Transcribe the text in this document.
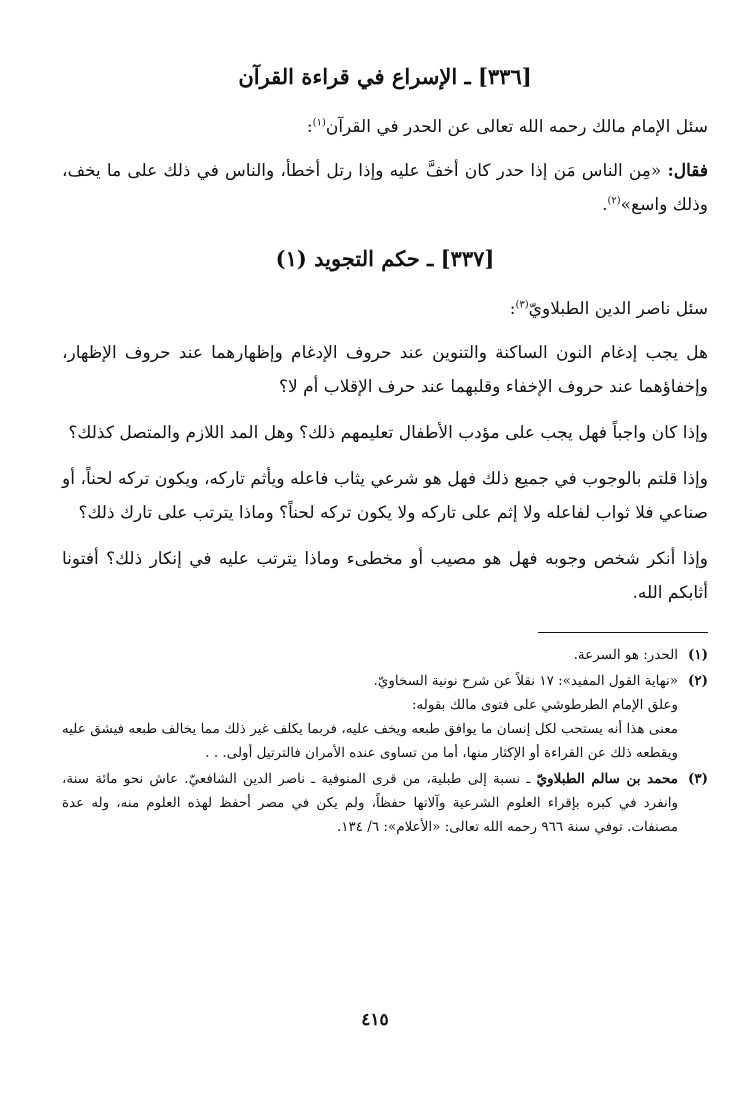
[٣٣٦] ـ الإسراع في قراءة القرآن

سئل الإمام مالك رحمه الله تعالى عن الحدر في القرآن$^{(١)}$:

فقال: «مِن الناس مَن إذا حدر كان أخفَّ عليه وإذا رتل أخطأ، والناس في ذلك على ما يخف، وذلك واسع»$^{(٢)}$.

[٣٣٧] ـ حكم التجويد (١)

سئل ناصر الدين الطبلاويّ$^{(٣)}$:

هل يجب إدغام النون الساكنة والتنوين عند حروف الإدغام وإظهارهما عند حروف الإظهار، وإخفاؤهما عند حروف الإخفاء وقلبهما عند حرف الإقلاب أم لا؟

وإذا كان واجباً فهل يجب على مؤدب الأطفال تعليمهم ذلك؟ وهل المد اللازم والمتصل كذلك؟

وإذا قلتم بالوجوب في جميع ذلك فهل هو شرعي يثاب فاعله ويأثم تاركه، ويكون تركه لحناً، أو صناعي فلا ثواب لفاعله ولا إثم على تاركه ولا يكون تركه لحناً؟ وماذا يترتب على تارك ذلك؟

وإذا أنكر شخص وجوبه فهل هو مصيب أو مخطىء وماذا يترتب عليه في إنكار ذلك؟ أفتونا أثابكم الله.

(١)
الحدر: هو السرعة.
(٢)
«نهاية القول المفيد»: ١٧ نقلاً عن شرح نونية السخاويّ.
وعلق الإمام الطرطوشي على فتوى مالك بقوله:
معنى هذا أنه يستحب لكل إنسان ما يوافق طبعه ويخف عليه، فربما يكلف غير ذلك مما يخالف طبعه فيشق عليه ويقطعه ذلك عن القراءة أو الإكثار منها، أما من تساوى عنده الأمران فالترتيل أولى. . .
(٣)
محمد بن سالم الطبلاويّ ـ نسبة إلى طبلية، من قرى المنوفية ـ ناصر الدين الشافعيّ. عاش نحو مائة سنة، وانفرد في كبره بإقراء العلوم الشرعية وآلاتها حفظاً، ولم يكن في مصر أحفظ لهذه العلوم منه، وله عدة مصنفات. توفي سنة ٩٦٦ رحمه الله تعالى: «الأعلام»: ٦/ ١٣٤.
٤١٥
